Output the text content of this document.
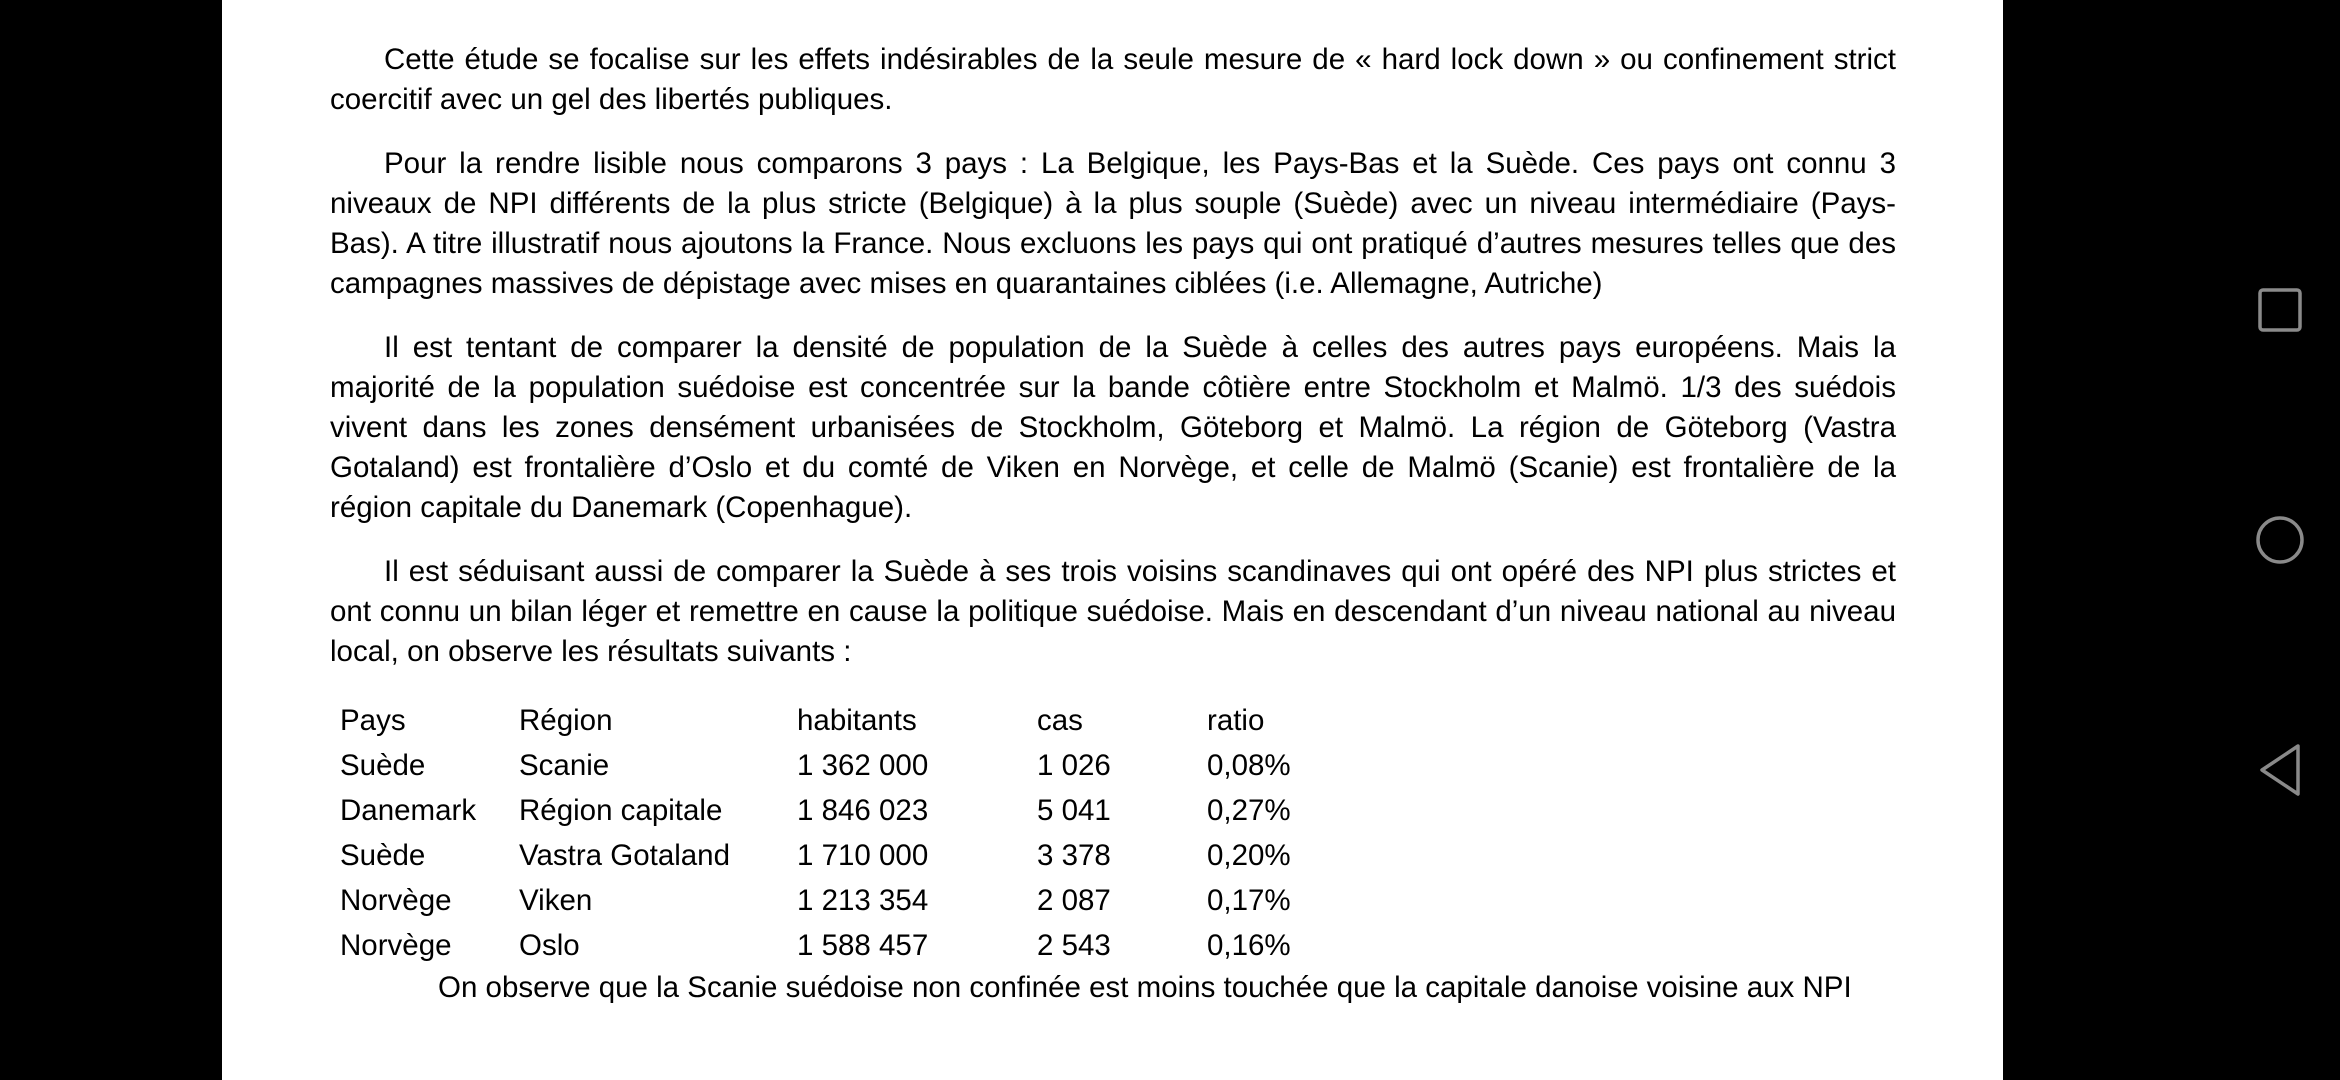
Cette étude se focalise sur les effets indésirables de la seule mesure de « hard lock down » ou confinement strict coercitif avec un gel des libertés publiques.

Pour la rendre lisible nous comparons 3 pays : La Belgique, les Pays-Bas et la Suède. Ces pays ont connu 3 niveaux de NPI différents de la plus stricte (Belgique) à la plus souple (Suède) avec un niveau intermédiaire (Pays-Bas). A titre illustratif nous ajoutons la France. Nous excluons les pays qui ont pratiqué d’autres mesures telles que des campagnes massives de dépistage avec mises en quarantaines ciblées (i.e. Allemagne, Autriche)

Il est tentant de comparer la densité de population de la Suède à celles des autres pays européens. Mais la majorité de la population suédoise est concentrée sur la bande côtière entre Stockholm et Malmö. 1/3 des suédois vivent dans les zones densément urbanisées de Stockholm, Göteborg et Malmö. La région de Göteborg (Vastra Gotaland) est frontalière d’Oslo et du comté de Viken en Norvège, et celle de Malmö (Scanie) est frontalière de la région capitale du Danemark (Copenhague).

Il est séduisant aussi de comparer la Suède à ses trois voisins scandinaves qui ont opéré des NPI plus strictes et ont connu un bilan léger et remettre en cause la politique suédoise. Mais en descendant d’un niveau national au niveau local, on observe les résultats suivants :

Pays	Région	habitants	cas	ratio
Suède	Scanie	1 362 000	1 026	0,08%
Danemark	Région capitale	1 846 023	5 041	0,27%
Suède	Vastra Gotaland	1 710 000	3 378	0,20%
Norvège	Viken	1 213 354	2 087	0,17%
Norvège	Oslo	1 588 457	2 543	0,16%

On observe que la Scanie suédoise non confinée est moins touchée que la capitale danoise voisine aux NPI
